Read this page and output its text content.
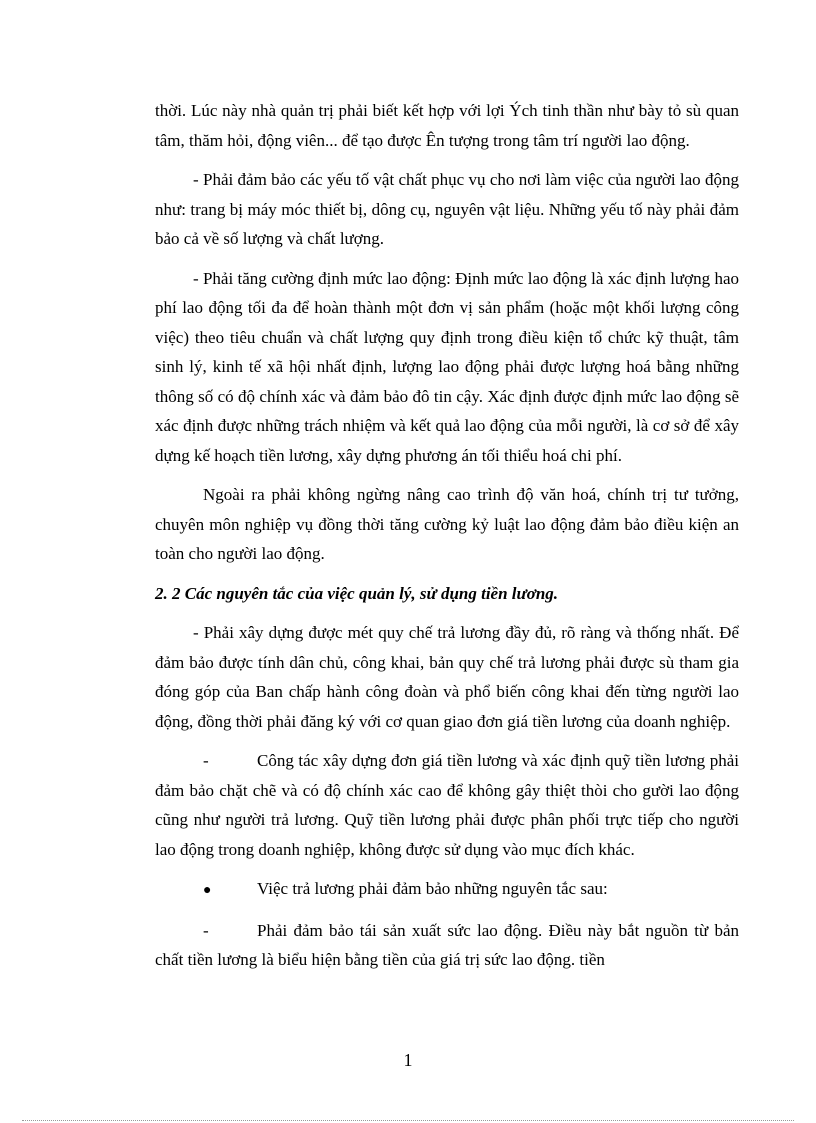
thời. Lúc này nhà quản trị phải biết kết hợp với lợi Ých tinh thần như bày tỏ sù quan tâm, thăm hỏi, động viên... để tạo được Ên tượng trong tâm trí người lao động.

- Phải đảm bảo các yếu tố vật chất phục vụ cho nơi làm việc của người lao động như: trang bị máy móc thiết bị, dông cụ, nguyên vật liệu. Những yếu tố này phải đảm bảo cả về số lượng và chất lượng.

- Phải tăng cường định mức lao động: Định mức lao động là xác định lượng hao phí lao động tối đa để hoàn thành một đơn vị sản phẩm (hoặc một khối lượng công việc) theo tiêu chuẩn và chất lượng quy định trong điều kiện tổ chức kỹ thuật, tâm sinh lý, kinh tế xã hội nhất định, lượng lao động phải được lượng hoá bằng những thông số có độ chính xác và đảm bảo đô tin cậy. Xác định được định mức lao động sẽ xác định được những trách nhiệm và kết quả lao động của mỗi người, là cơ sở để xây dựng kế hoạch tiền lương, xây dựng phương án tối thiểu hoá chi phí.

Ngoài ra phải không ngừng nâng cao trình độ văn hoá, chính trị tư tưởng, chuyên môn nghiệp vụ đồng thời tăng cường kỷ luật lao động đảm bảo điều kiện an toàn cho người lao động.

2. 2 Các nguyên tắc của việc quản lý, sử dụng tiền lương.

- Phải xây dựng được mét quy chế trả lương đầy đủ, rõ ràng và thống nhất. Để đảm bảo được tính dân chủ, công khai, bản quy chế trả lương phải được sù tham gia đóng góp của Ban chấp hành công đoàn và phổ biến công khai đến từng người lao động, đồng thời phải đăng ký với cơ quan giao đơn giá tiền lương của doanh nghiệp.

-	Công tác xây dựng đơn giá tiền lương và xác định quỹ tiền lương phải đảm bảo chặt chẽ và có độ chính xác cao để không gây thiệt thòi cho gười lao động cũng như người trả lương. Quỹ tiền lương phải được phân phối trực tiếp cho người lao động trong doanh nghiệp, không được sử dụng vào mục đích khác.

●	Việc trả lương phải đảm bảo những nguyên tắc sau:

-	Phải đảm bảo tái sản xuất sức lao động. Điều này bắt nguồn từ bản chất tiền lương là biểu hiện bằng tiền của giá trị sức lao động. tiền

1
